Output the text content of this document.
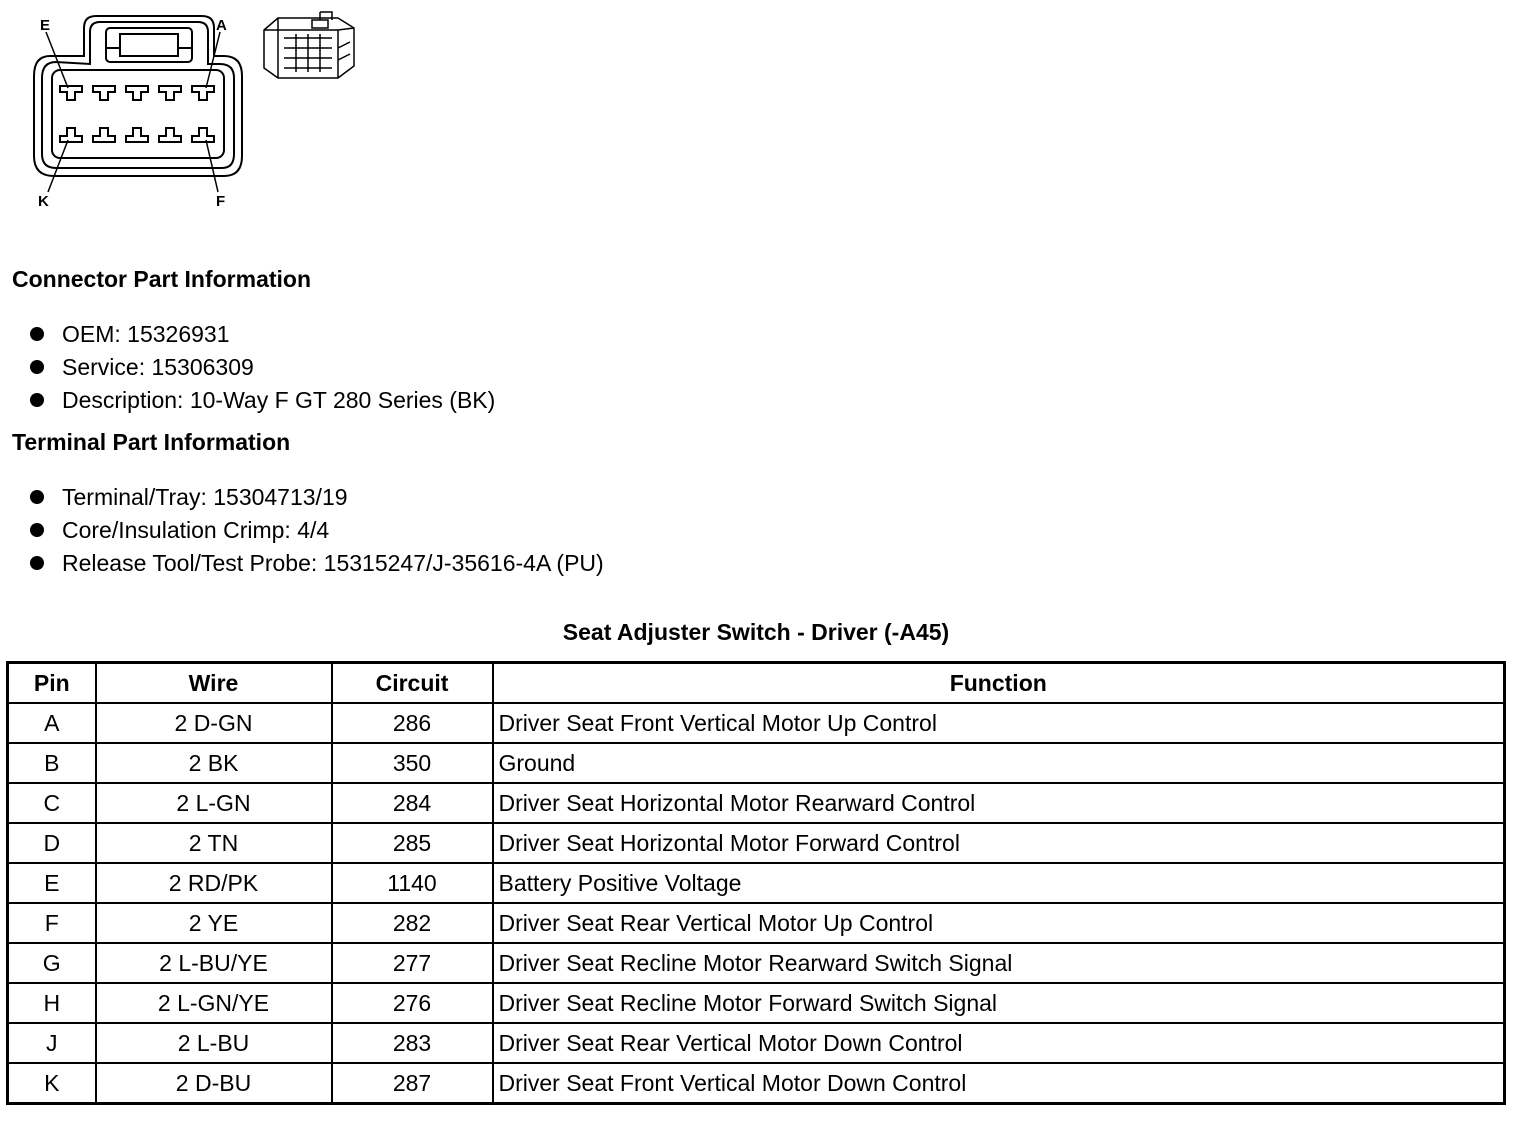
E	A
K	F
Connector Part Information
OEM: 15326931
Service: 15306309
Description: 10-Way F GT 280 Series (BK)
Terminal Part Information
Terminal/Tray: 15304713/19
Core/Insulation Crimp: 4/4
Release Tool/Test Probe: 15315247/J-35616-4A (PU)
Seat Adjuster Switch - Driver (-A45)
Pin	Wire	Circuit	Function
A	2 D-GN	286	Driver Seat Front Vertical Motor Up Control
B	2 BK	350	Ground
C	2 L-GN	284	Driver Seat Horizontal Motor Rearward Control
D	2 TN	285	Driver Seat Horizontal Motor Forward Control
E	2 RD/PK	1140	Battery Positive Voltage
F	2 YE	282	Driver Seat Rear Vertical Motor Up Control
G	2 L-BU/YE	277	Driver Seat Recline Motor Rearward Switch Signal
H	2 L-GN/YE	276	Driver Seat Recline Motor Forward Switch Signal
J	2 L-BU	283	Driver Seat Rear Vertical Motor Down Control
K	2 D-BU	287	Driver Seat Front Vertical Motor Down Control
